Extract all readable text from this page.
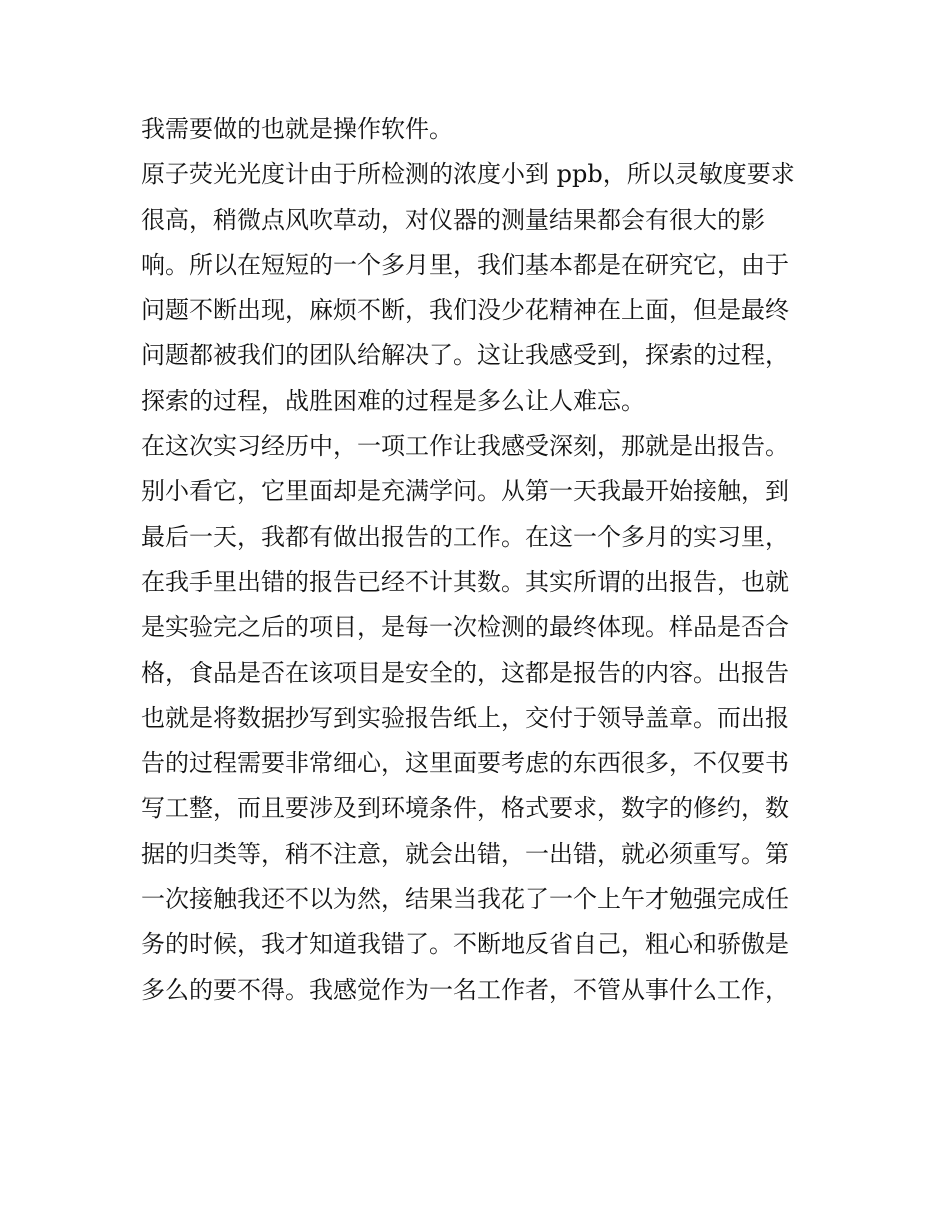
我需要做的也就是操作软件。
原子荧光光度计由于所检测的浓度小到 ppb，所以灵敏度要求
很高，稍微点风吹草动，对仪器的测量结果都会有很大的影
响。所以在短短的一个多月里，我们基本都是在研究它，由于
问题不断出现，麻烦不断，我们没少花精神在上面，但是最终
问题都被我们的团队给解决了。这让我感受到，探索的过程，
探索的过程，战胜困难的过程是多么让人难忘。
在这次实习经历中，一项工作让我感受深刻，那就是出报告。
别小看它，它里面却是充满学问。从第一天我最开始接触，到
最后一天，我都有做出报告的工作。在这一个多月的实习里，
在我手里出错的报告已经不计其数。其实所谓的出报告，也就
是实验完之后的项目，是每一次检测的最终体现。样品是否合
格，食品是否在该项目是安全的，这都是报告的内容。出报告
也就是将数据抄写到实验报告纸上，交付于领导盖章。而出报
告的过程需要非常细心，这里面要考虑的东西很多，不仅要书
写工整，而且要涉及到环境条件，格式要求，数字的修约，数
据的归类等，稍不注意，就会出错，一出错，就必须重写。第
一次接触我还不以为然，结果当我花了一个上午才勉强完成任
务的时候，我才知道我错了。不断地反省自己，粗心和骄傲是
多么的要不得。我感觉作为一名工作者，不管从事什么工作，
